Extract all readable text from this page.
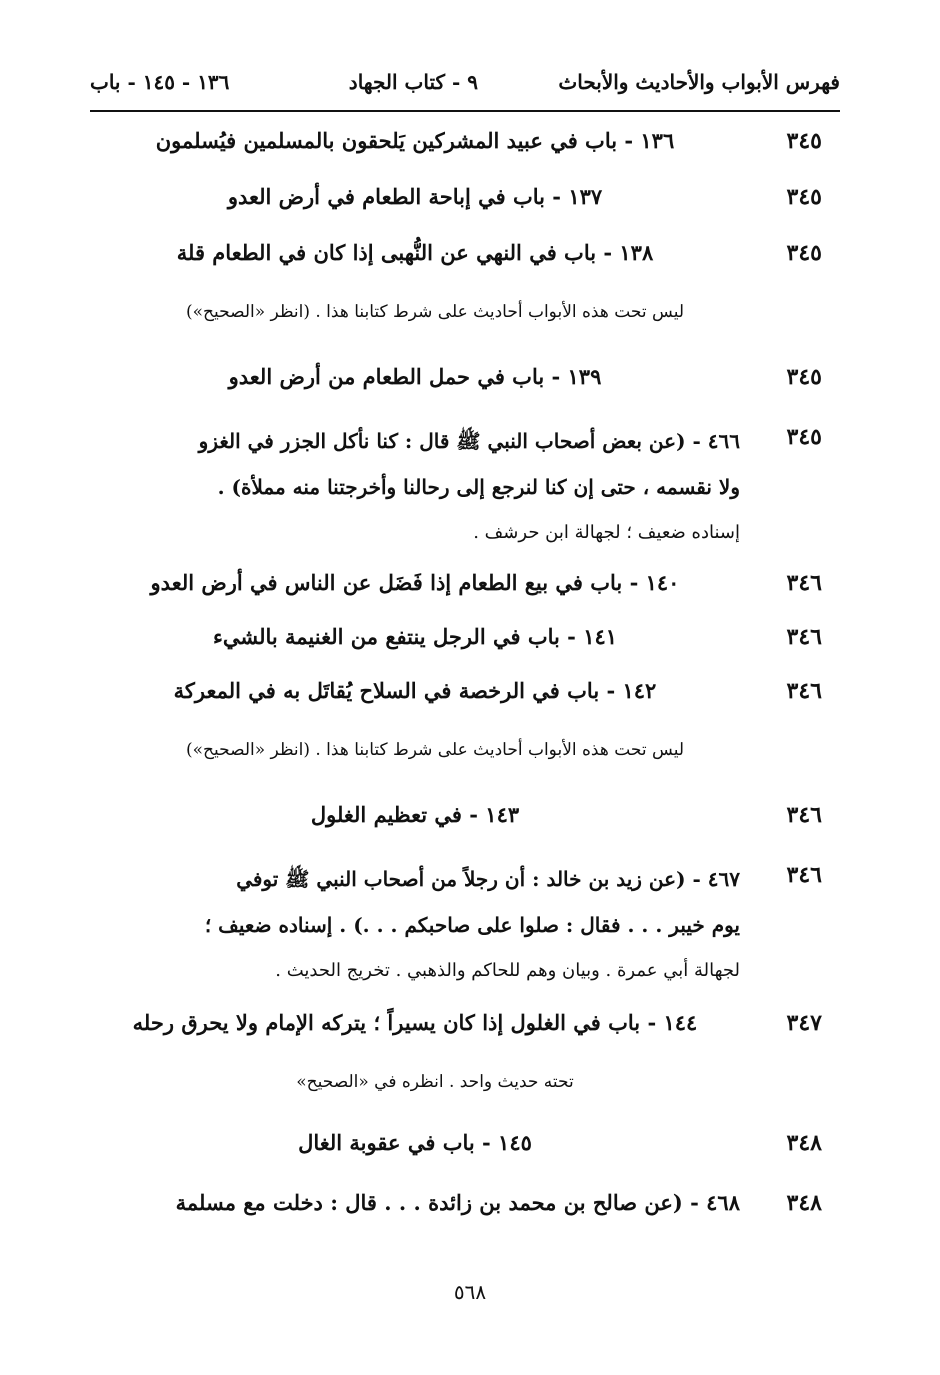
فهرس الأبواب والأحاديث والأبحاث
٩ - كتاب الجهاد
١٣٦ - ١٤٥ - باب
٣٤٥
١٣٦ - باب في عبيد المشركين يَلحقون بالمسلمين فيُسلمون
٣٤٥
١٣٧ - باب في إباحة الطعام في أرض العدو
٣٤٥
١٣٨ - باب في النهي عن النُّهبى إذا كان في الطعام قلة
ليس تحت هذه الأبواب أحاديث على شرط كتابنا هذا . (انظر «الصحيح»)
٣٤٥
١٣٩ - باب في حمل الطعام من أرض العدو
٣٤٥
٤٦٦ - (عن بعض أصحاب النبي ﷺ قال : كنا نأكل الجزر في الغزو
ولا نقسمه ، حتى إن كنا لنرجع إلى رحالنا وأخرجتنا منه مملأة) .
إسناده ضعيف ؛ لجهالة ابن حرشف .
٣٤٦
١٤٠ - باب في بيع الطعام إذا فَضَل عن الناس في أرض العدو
٣٤٦
١٤١ - باب في الرجل ينتفع من الغنيمة بالشيء
٣٤٦
١٤٢ - باب في الرخصة في السلاح يُقاتَل به في المعركة
ليس تحت هذه الأبواب أحاديث على شرط كتابنا هذا . (انظر «الصحيح»)
٣٤٦
١٤٣ - في تعظيم الغلول
٣٤٦
٤٦٧ - (عن زيد بن خالد : أن رجلاً من أصحاب النبي ﷺ توفي
يوم خيبر . . . فقال : صلوا على صاحبكم . . .) . إسناده ضعيف ؛
لجهالة أبي عمرة . وبيان وهم للحاكم والذهبي . تخريج الحديث .
٣٤٧
١٤٤ - باب في الغلول إذا كان يسيراً ؛ يتركه الإمام ولا يحرق رحله
تحته حديث واحد . انظره في «الصحيح»
٣٤٨
١٤٥ - باب في عقوبة الغال
٣٤٨
٤٦٨ - (عن صالح بن محمد بن زائدة . . . قال : دخلت مع مسلمة
٥٦٨
